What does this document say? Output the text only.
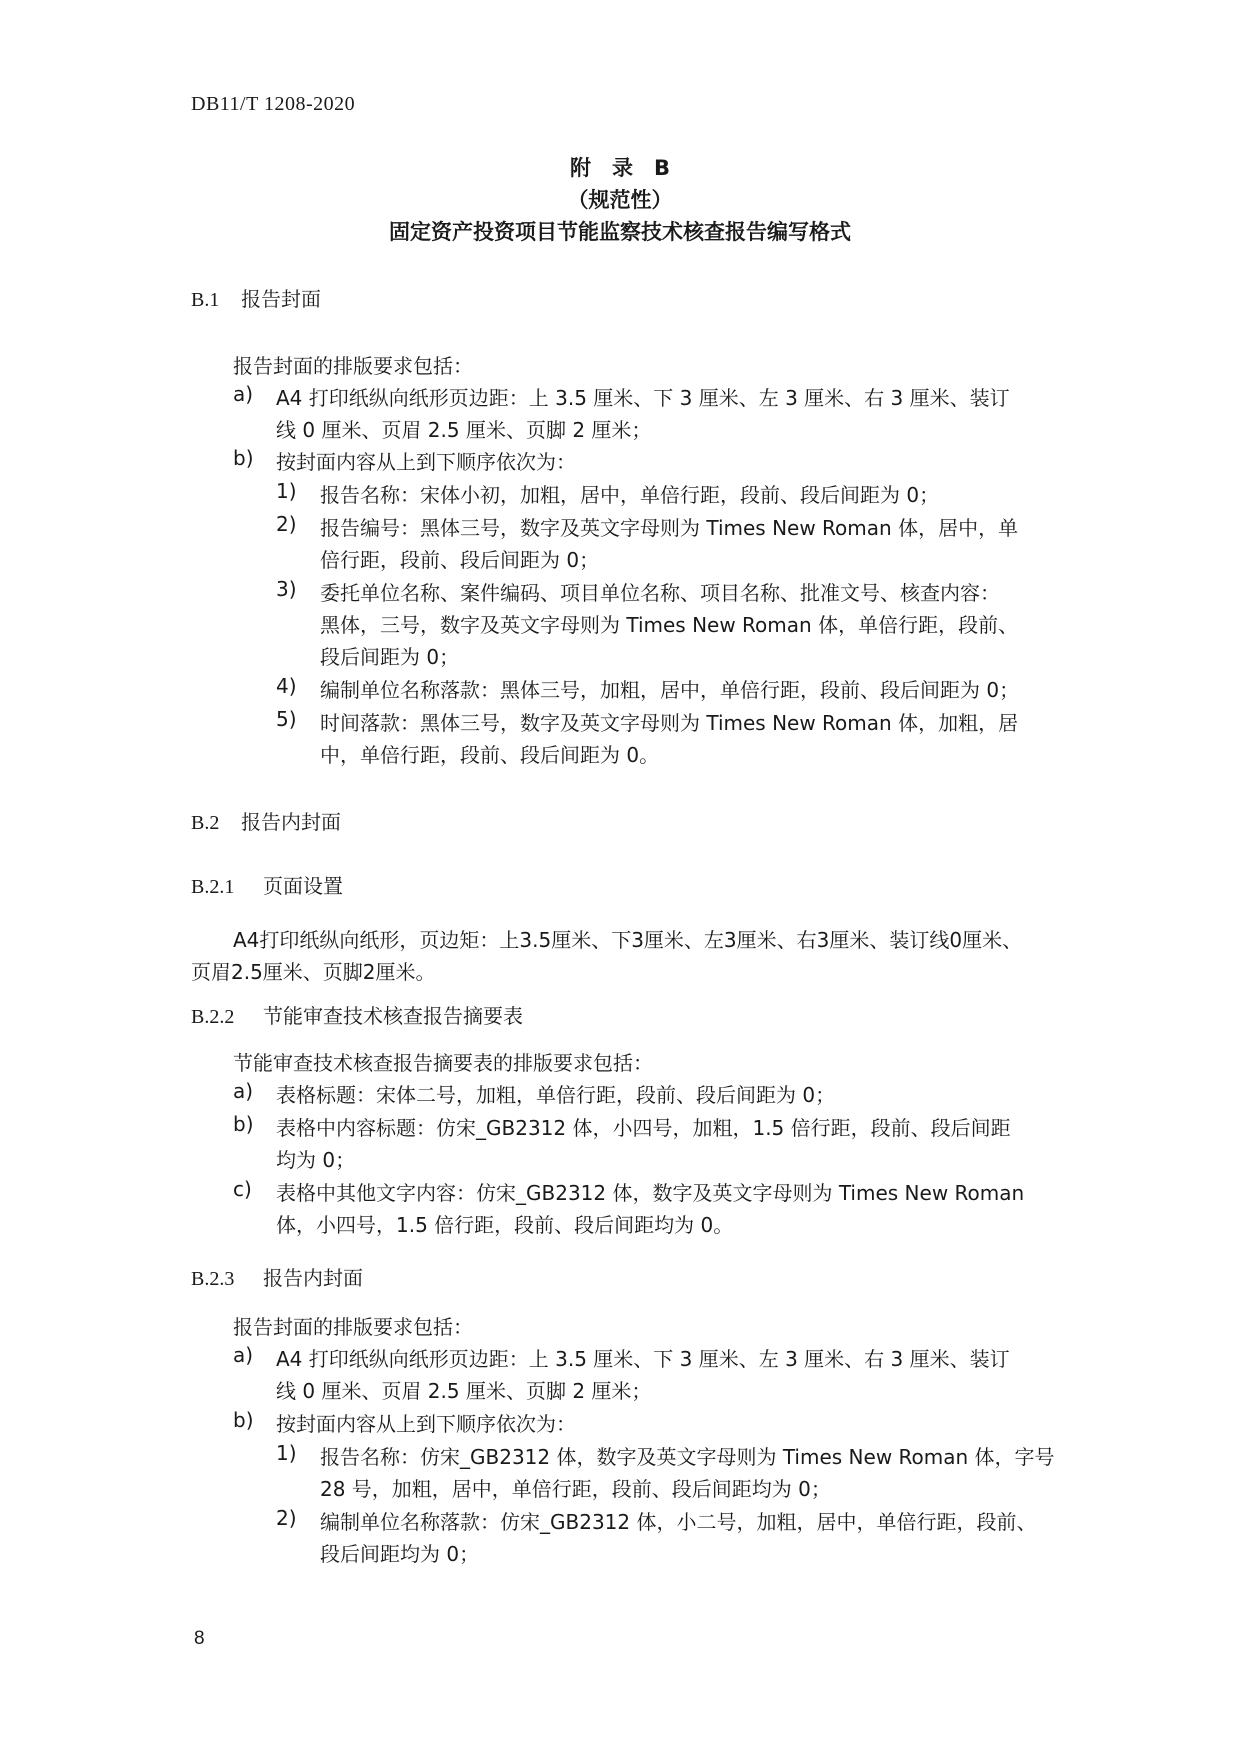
DB11/T 1208-2020
附　录　B
（规范性）
固定资产投资项目节能监察技术核查报告编写格式
B.1 报告封面
报告封面的排版要求包括：
a) A4 打印纸纵向纸形页边距：上 3.5 厘米、下 3 厘米、左 3 厘米、右 3 厘米、装订
线 0 厘米、页眉 2.5 厘米、页脚 2 厘米；
b) 按封面内容从上到下顺序依次为：
1) 报告名称：宋体小初，加粗，居中，单倍行距，段前、段后间距为 0；
2) 报告编号：黑体三号，数字及英文字母则为 Times New Roman 体，居中，单
倍行距，段前、段后间距为 0；
3) 委托单位名称、案件编码、项目单位名称、项目名称、批准文号、核查内容：
黑体，三号，数字及英文字母则为 Times New Roman 体，单倍行距，段前、
段后间距为 0；
4) 编制单位名称落款：黑体三号，加粗，居中，单倍行距，段前、段后间距为 0；
5) 时间落款：黑体三号，数字及英文字母则为 Times New Roman 体，加粗，居
中，单倍行距，段前、段后间距为 0。
B.2 报告内封面
B.2.1 页面设置
A4打印纸纵向纸形，页边矩：上3.5厘米、下3厘米、左3厘米、右3厘米、装订线0厘米、
页眉2.5厘米、页脚2厘米。
B.2.2 节能审查技术核查报告摘要表
节能审查技术核查报告摘要表的排版要求包括：
a) 表格标题：宋体二号，加粗，单倍行距，段前、段后间距为 0；
b) 表格中内容标题：仿宋_GB2312 体，小四号，加粗，1.5 倍行距，段前、段后间距
均为 0；
c) 表格中其他文字内容：仿宋_GB2312 体，数字及英文字母则为 Times New Roman
体，小四号，1.5 倍行距，段前、段后间距均为 0。
B.2.3 报告内封面
报告封面的排版要求包括：
a) A4 打印纸纵向纸形页边距：上 3.5 厘米、下 3 厘米、左 3 厘米、右 3 厘米、装订
线 0 厘米、页眉 2.5 厘米、页脚 2 厘米；
b) 按封面内容从上到下顺序依次为：
1) 报告名称：仿宋_GB2312 体，数字及英文字母则为 Times New Roman 体，字号
28 号，加粗，居中，单倍行距，段前、段后间距均为 0；
2) 编制单位名称落款：仿宋_GB2312 体，小二号，加粗，居中，单倍行距，段前、
段后间距均为 0；
8
